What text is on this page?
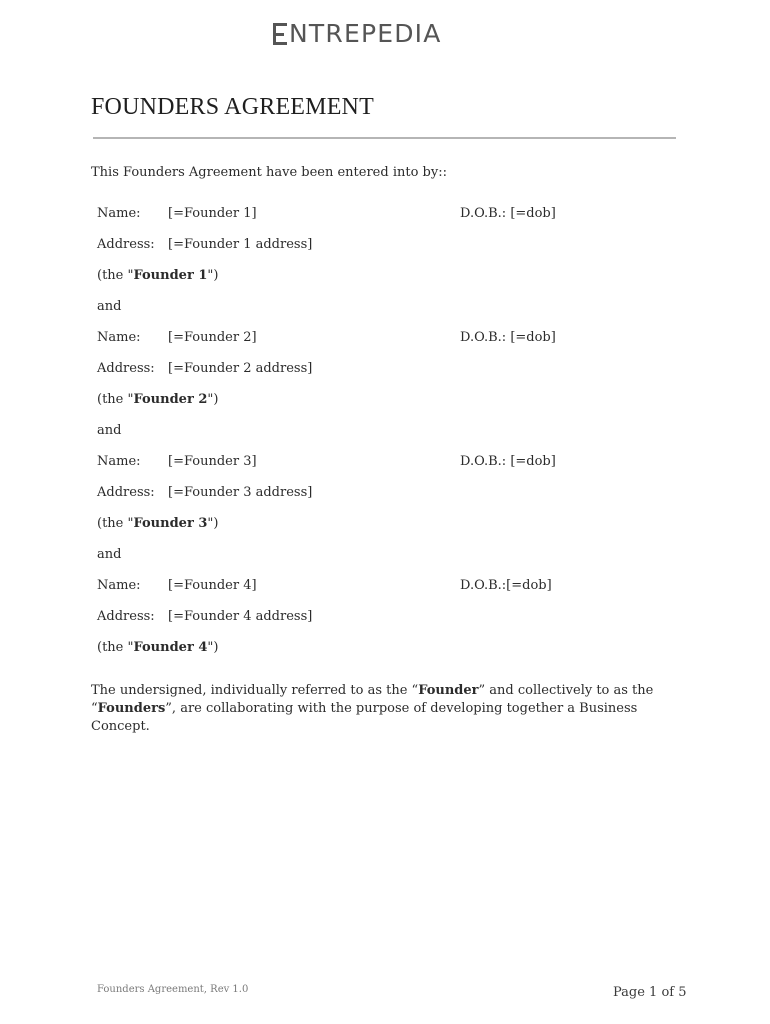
NTREPEDIA
FOUNDERS AGREEMENT
This Founders Agreement have been entered into by::
Name: [=Founder 1]	D.O.B.: [=dob]
Address: [=Founder 1 address]
(the "Founder 1")
and
Name: [=Founder 2]	D.O.B.: [=dob]
Address: [=Founder 2 address]
(the "Founder 2")
and
Name: [=Founder 3]	D.O.B.: [=dob]
Address: [=Founder 3 address]
(the "Founder 3")
and
Name: [=Founder 4]	D.O.B.:[=dob]
Address: [=Founder 4 address]
(the "Founder 4")
The undersigned, individually referred to as the “Founder” and collectively to as the “Founders”, are collaborating with the purpose of developing together a Business Concept.
Founders Agreement, Rev 1.0	Page 1 of 5
